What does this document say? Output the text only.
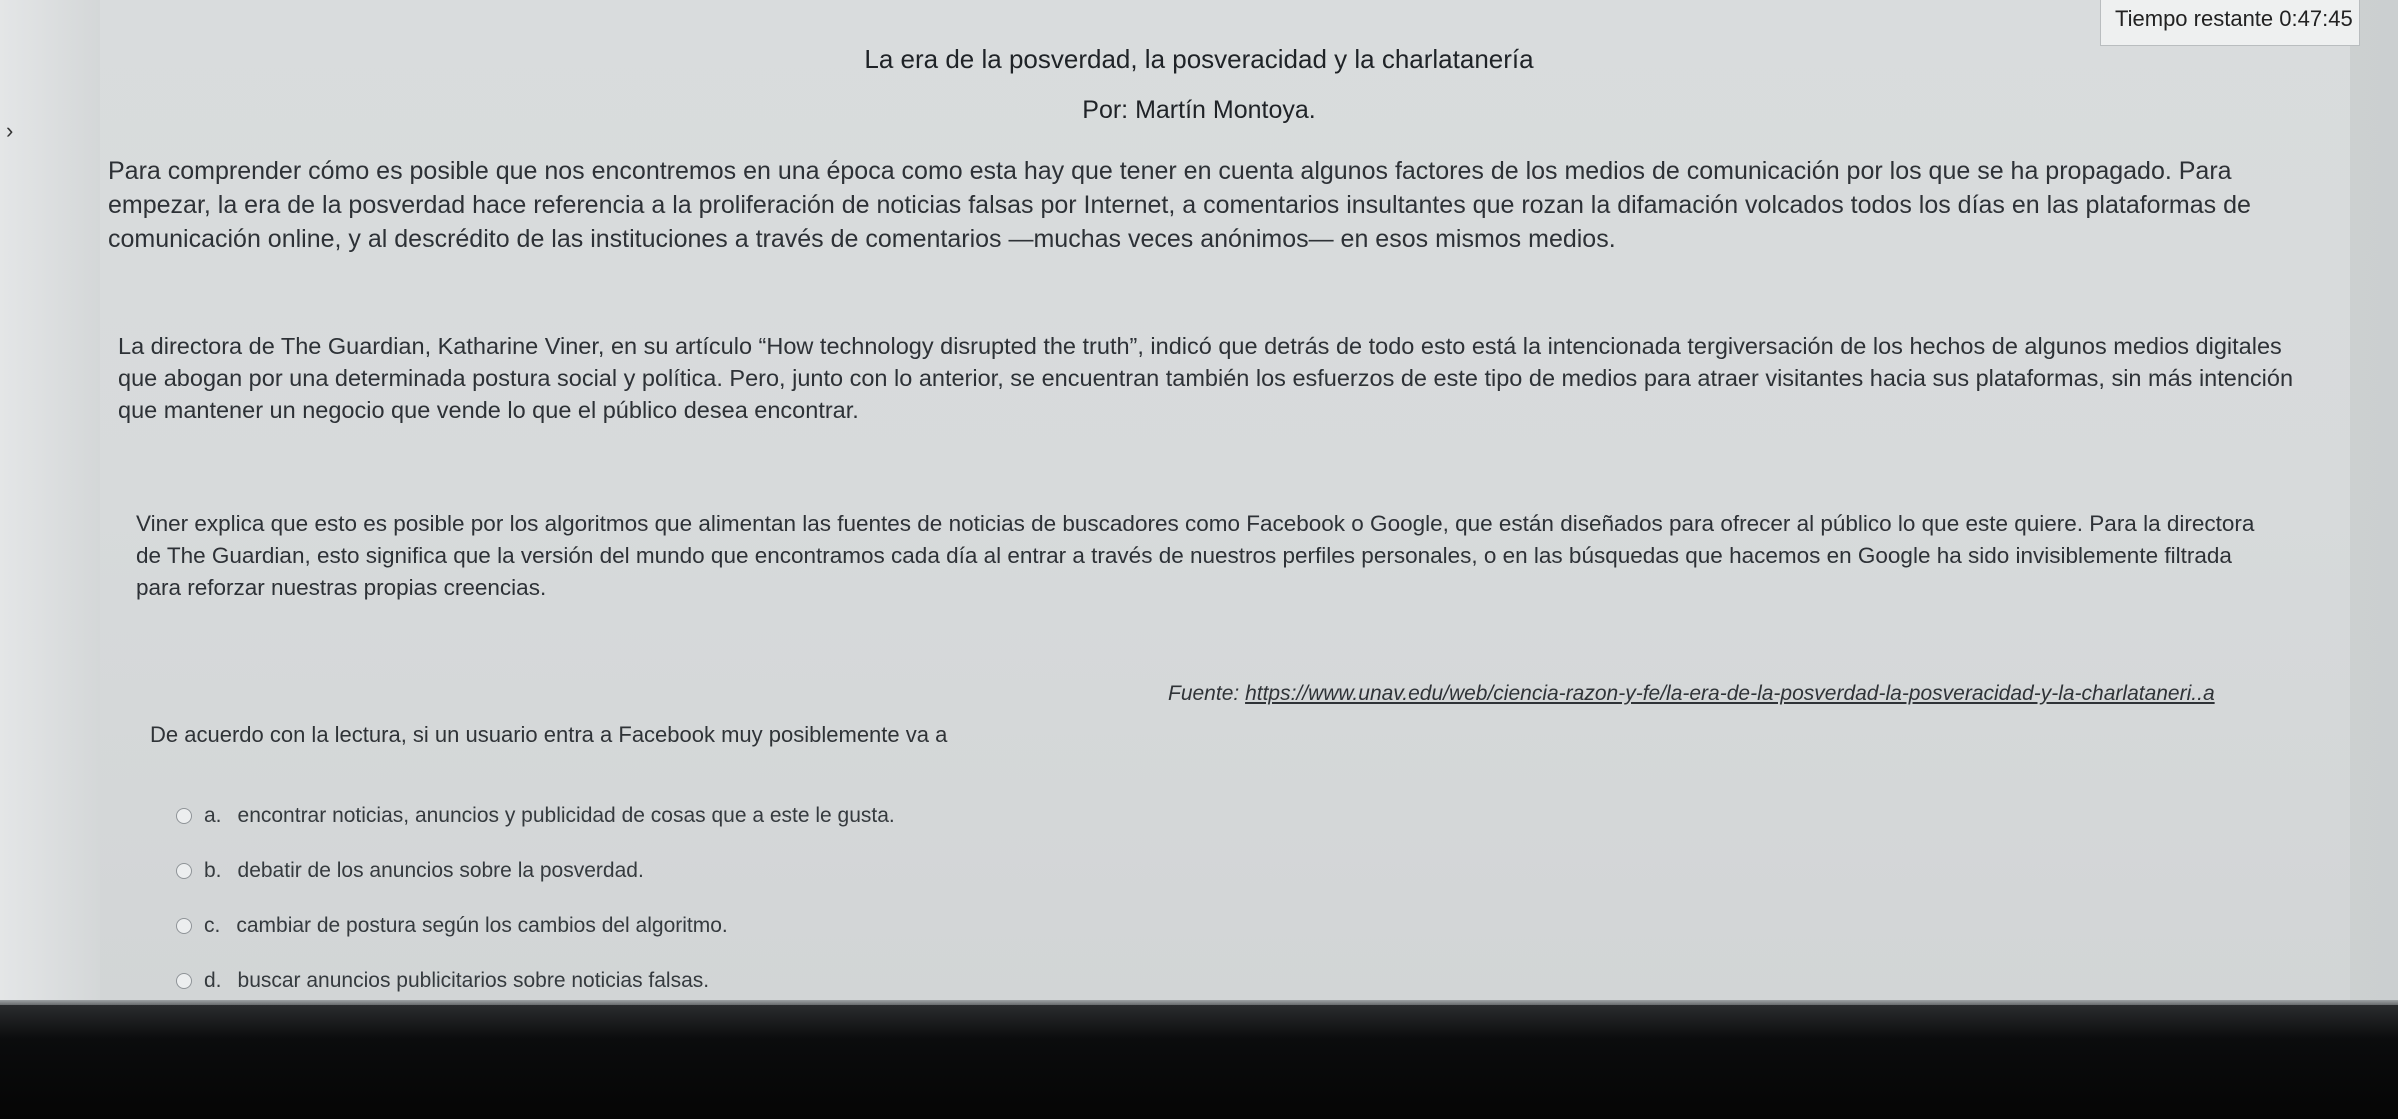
›
Tiempo restante 0:47:45
La era de la posverdad, la posveracidad y la charlatanería
Por: Martín Montoya.

Para comprender cómo es posible que nos encontremos en una época como esta hay que tener en cuenta algunos factores de los medios de comunicación por los que se ha propagado. Para empezar, la era de la posverdad hace referencia a la proliferación de noticias falsas por Internet, a comentarios insultantes que rozan la difamación volcados todos los días en las plataformas de comunicación online, y al descrédito de las instituciones a través de comentarios —muchas veces anónimos— en esos mismos medios.

La directora de The Guardian, Katharine Viner, en su artículo “How technology disrupted the truth”, indicó que detrás de todo esto está la intencionada tergiversación de los hechos de algunos medios digitales que abogan por una determinada postura social y política. Pero, junto con lo anterior, se encuentran también los esfuerzos de este tipo de medios para atraer visitantes hacia sus plataformas, sin más intención que mantener un negocio que vende lo que el público desea encontrar.

Viner explica que esto es posible por los algoritmos que alimentan las fuentes de noticias de buscadores como Facebook o Google, que están diseñados para ofrecer al público lo que este quiere. Para la directora de The Guardian, esto significa que la versión del mundo que encontramos cada día al entrar a través de nuestros perfiles personales, o en las búsquedas que hacemos en Google ha sido invisiblemente filtrada para reforzar nuestras propias creencias.

Fuente: https://www.unav.edu/web/ciencia-razon-y-fe/la-era-de-la-posverdad-la-posveracidad-y-la-charlataneri..a
De acuerdo con la lectura, si un usuario entra a Facebook muy posiblemente va a
a. encontrar noticias, anuncios y publicidad de cosas que a este le gusta.
b. debatir de los anuncios sobre la posverdad.
c. cambiar de postura según los cambios del algoritmo.
d. buscar anuncios publicitarios sobre noticias falsas.
